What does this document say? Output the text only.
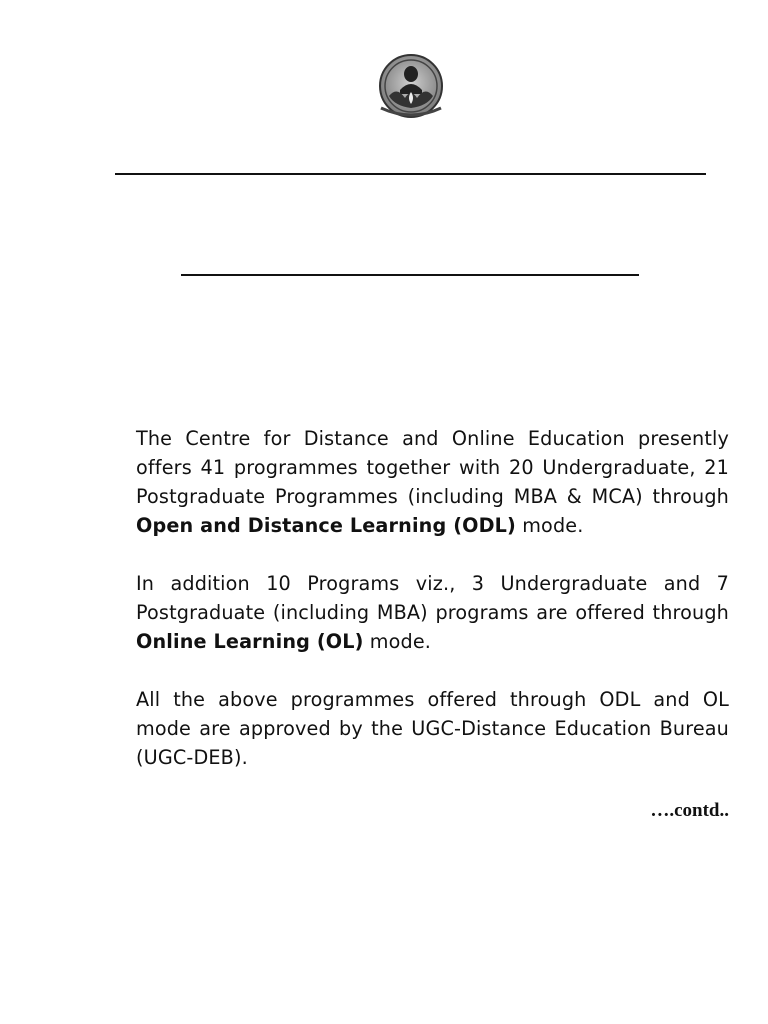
The Centre for Distance and Online Education presently offers 41 programmes together with 20 Undergraduate, 21 Postgraduate Programmes (including MBA & MCA) through Open and Distance Learning (ODL) mode.

In addition 10 Programs viz., 3 Undergraduate and 7 Postgraduate (including MBA) programs are offered through Online Learning (OL) mode.

All the above programmes offered through ODL and OL mode are approved by the UGC-Distance Education Bureau (UGC-DEB).

….contd..
